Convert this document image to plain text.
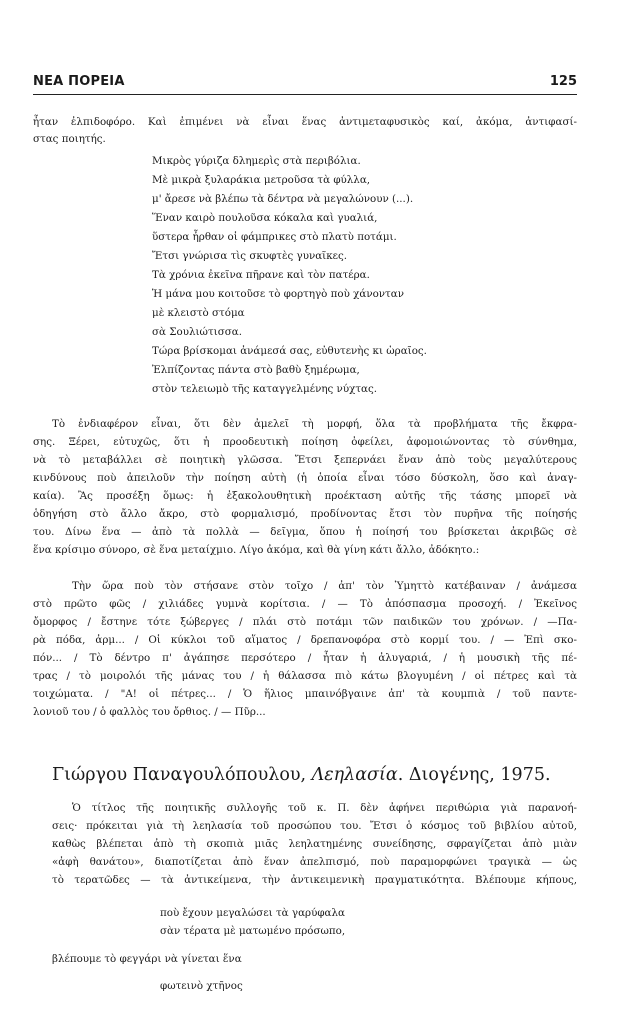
ΝΕΑ ΠΟΡΕΙΑ	125
ἦταν ἐλπιδοφόρο. Καὶ ἐπιμένει νὰ εἶναι ἕνας ἀντιμεταφυσικὸς καί, ἀκόμα, ἀντιφασί-
στας ποιητής.
Μικρὸς γύριζα δλημερὶς στὰ περιβόλια.
Μὲ μικρὰ ξυλαράκια μετροῦσα τὰ φύλλα,
μ' ἄρεσε νὰ βλέπω τὰ δέντρα νὰ μεγαλώνουν (...).
Ἕναν καιρὸ πουλοῦσα κόκαλα καὶ γυαλιά,
ὕστερα ἦρθαν οἱ φάμπρικες στὸ πλατὺ ποτάμι.
Ἔτσι γνώρισα τὶς σκυφτὲς γυναῖκες.
Τὰ χρόνια ἐκεῖνα πῆρανε καὶ τὸν πατέρα.
Ἡ μάνα μου κοιτοῦσε τὸ φορτηγὸ ποὺ χάνονταν
μὲ κλειστὸ στόμα
σὰ Σουλιώτισσα.
Τώρα βρίσκομαι ἀνάμεσά σας, εὐθυτενὴς κι ὡραῖος.
Ἐλπίζοντας πάντα στὸ βαθὺ ξημέρωμα,
στὸν τελειωμὸ τῆς καταγγελμένης νύχτας.
Τὸ ἐνδιαφέρον εἶναι, ὅτι δὲν ἀμελεῖ τὴ μορφή, ὅλα τὰ προβλήματα τῆς ἔκφρα-
σης. Ξέρει, εὐτυχῶς, ὅτι ἡ προοδευτικὴ ποίηση ὀφείλει, ἀφομοιώνοντας τὸ σύνθημα,
νὰ τὸ μεταβάλλει σὲ ποιητικὴ γλῶσσα. Ἔτσι ξεπερνάει ἕναν ἀπὸ τοὺς μεγαλύτερους
κινδύνους ποὺ ἀπειλοῦν τὴν ποίηση αὐτὴ (ἡ ὁποία εἶναι τόσο δύσκολη, ὅσο καὶ ἀναγ-
καία). Ἂς προσέξη ὅμως: ἡ ἐξακολουθητικὴ προέκταση αὐτῆς τῆς τάσης μπορεῖ νὰ
ὁδηγήση στὸ ἄλλο ἄκρο, στὸ φορμαλισμό, προδίνοντας ἔτσι τὸν πυρῆνα τῆς ποίησής
του. Δίνω ἕνα — ἀπὸ τὰ πολλὰ — δεῖγμα, ὅπου ἡ ποίησή του βρίσκεται ἀκριβῶς σὲ
ἕνα κρίσιμο σύνορο, σὲ ἕνα μεταίχμιο. Λίγο ἀκόμα, καὶ θὰ γίνη κάτι ἄλλο, ἀδόκητο.:
Τὴν ὥρα ποὺ τὸν στήσανε στὸν τοῖχο / ἀπ' τὸν Ὑμηττὸ κατέβαιναν / ἀνάμεσα
στὸ πρῶτο φῶς / χιλιάδες γυμνὰ κορίτσια. / — Τὸ ἀπόσπασμα προσοχή. / Ἐκεῖνος
ὄμορφος / ἔστηνε τότε ξώβεργες / πλάι στὸ ποτάμι τῶν παιδικῶν του χρόνων. / —Πα-
ρὰ πόδα, ἀρμ... / Οἱ κύκλοι τοῦ αἵματος / δρεπανοφόρα στὸ κορμί του. / — Ἐπὶ σκο-
πόν... / Τὸ δέντρο π' ἀγάπησε περσότερο / ἦταν ἡ ἀλυγαριά, / ἡ μουσικὴ τῆς πέ-
τρας / τὸ μοιρολόι τῆς μάνας του / ἡ θάλασσα πιὸ κάτω βλογυμένη / οἱ πέτρες καὶ τὰ
τοιχώματα. / "Α! οἱ πέτρες... / Ὁ ἥλιος μπαινόβγαινε ἀπ' τὰ κουμπιὰ / τοῦ παντε-
λονιοῦ του / ὁ φαλλὸς του ὄρθιος. / — Πῦρ...
Γιώργου Παναγουλόπουλου, Λεηλασία. Διογένης, 1975.
Ὁ τίτλος τῆς ποιητικῆς συλλογῆς τοῦ κ. Π. δὲν ἀφήνει περιθώρια γιὰ παρανοή-
σεις· πρόκειται γιὰ τὴ λεηλασία τοῦ προσώπου του. Ἔτσι ὁ κόσμος τοῦ βιβλίου αὐτοῦ,
καθὼς βλέπεται ἀπὸ τὴ σκοπιὰ μιᾶς λεηλατημένης συνείδησης, σφραγίζεται ἀπὸ μιὰν
«ἀφὴ θανάτου», διαποτίζεται ἀπὸ ἕναν ἀπελπισμό, ποὺ παραμορφώνει τραγικὰ — ὡς
τὸ τερατῶδες — τὰ ἀντικείμενα, τὴν ἀντικειμενικὴ πραγματικότητα. Βλέπουμε κήπους,
ποὺ ἔχουν μεγαλώσει τὰ γαρύφαλα
σὰν τέρατα μὲ ματωμένο πρόσωπο,
βλέπουμε τὸ φεγγάρι νὰ γίνεται ἕνα
φωτεινὸ χτῆνος
